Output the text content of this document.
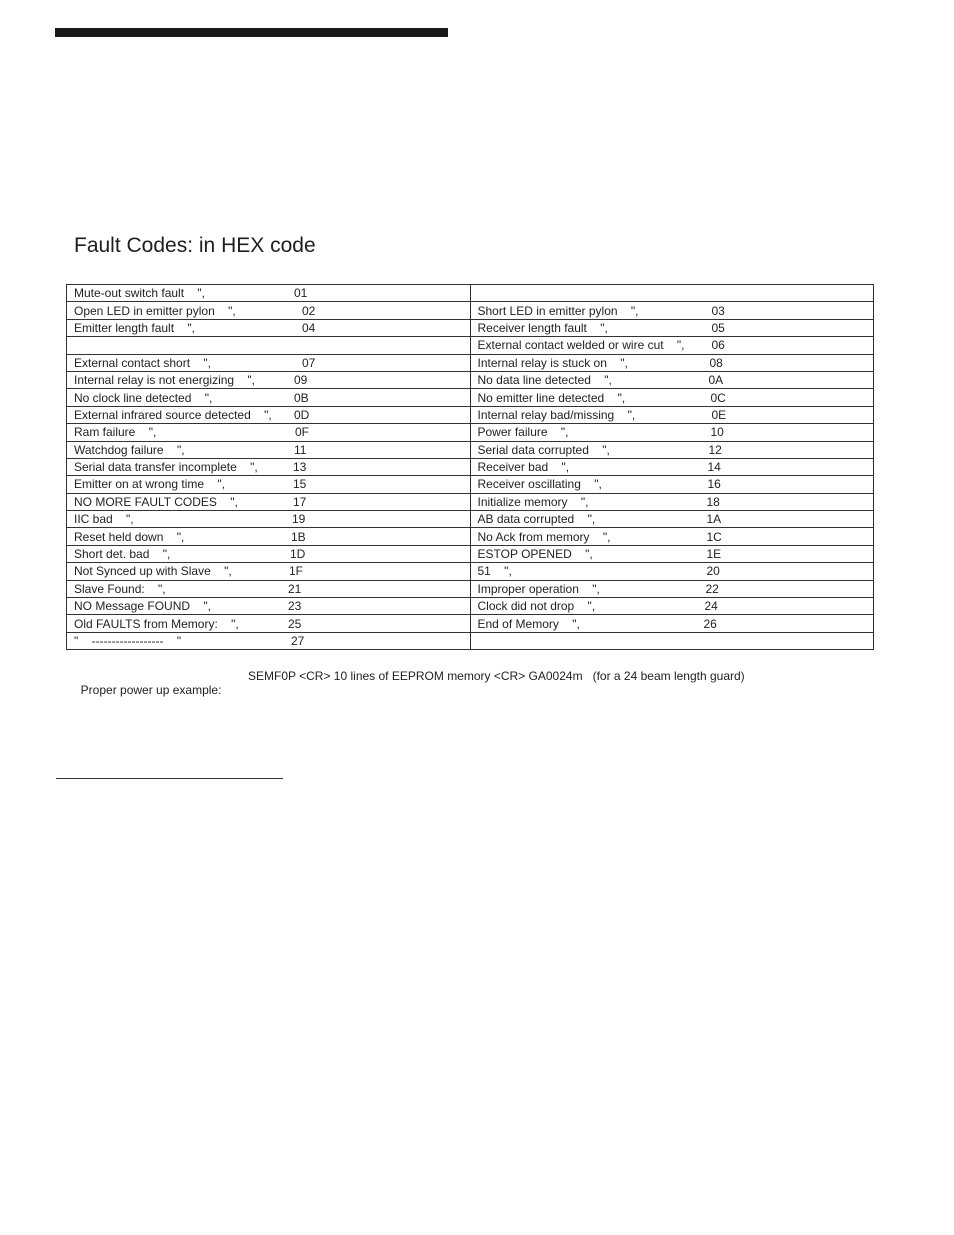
Fault Codes: in HEX code
Mute-out switch fault    ", 01	

Open LED in emitter pylon    ", 02	Short LED in emitter pylon    ", 03

Emitter length fault    ", 04	Receiver length fault    ", 05

	External contact welded or wire cut    ", 06

External contact short    ", 07	Internal relay is stuck on    ", 08

Internal relay is not energizing    ", 09	No data line detected    ", 0A

No clock line detected    ", 0B	No emitter line detected    ", 0C

External infrared source detected    ", 0D	Internal relay bad/missing    ", 0E

Ram failure    ", 0F	Power failure    ", 10

Watchdog failure    ", 11	Serial data corrupted    ", 12

Serial data transfer incomplete    ", 13	Receiver bad    ", 14

Emitter on at wrong time    ", 15	Receiver oscillating    ", 16

NO MORE FAULT CODES    ", 17	Initialize memory    ", 18

IIC bad    ", 19	AB data corrupted    ", 1A

Reset held down    ", 1B	No Ack from memory    ", 1C

Short det. bad    ", 1D	ESTOP OPENED    ", 1E

Not Synced up with Slave    ", 1F	51    ", 20

Slave Found:    ", 21	Improper operation    ", 22

NO Message FOUND    ", 23	Clock did not drop    ", 24

Old FAULTS from Memory:    ", 25	End of Memory    ", 26

"    ------------------    " 27	

Proper power up example:

SEMF0P <CR> 10 lines of EEPROM memory <CR> GA0024m   (for a 24 beam length guard)
